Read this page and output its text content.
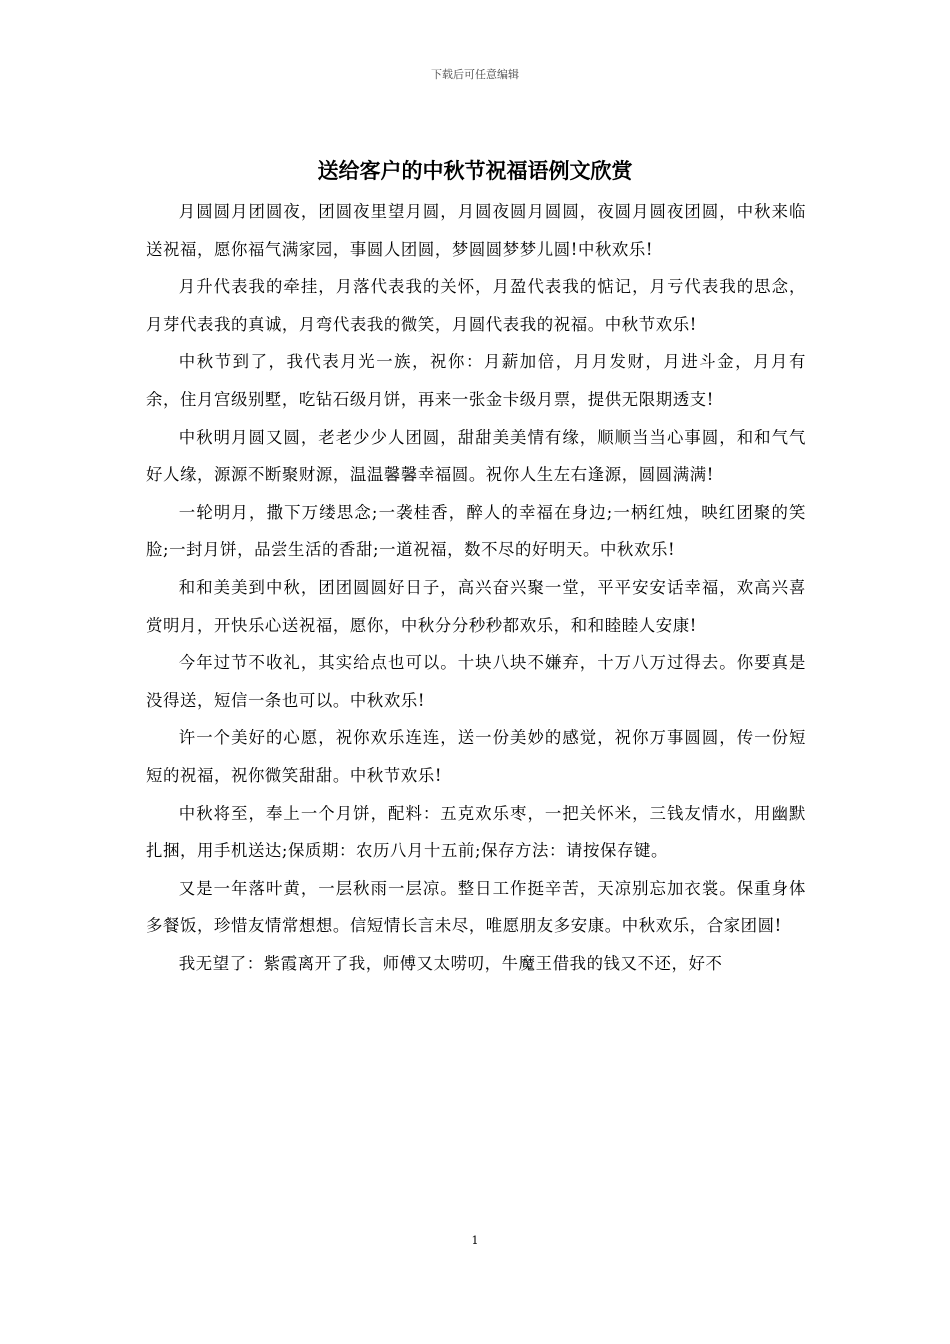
下载后可任意编辑
送给客户的中秋节祝福语例文欣赏

月圆圆月团圆夜，团圆夜里望月圆，月圆夜圆月圆圆，夜圆月圆夜团圆，中秋来临送祝福，愿你福气满家园，事圆人团圆，梦圆圆梦梦儿圆!中秋欢乐!

月升代表我的牵挂，月落代表我的关怀，月盈代表我的惦记，月亏代表我的思念，月芽代表我的真诚，月弯代表我的微笑，月圆代表我的祝福。中秋节欢乐!

中秋节到了，我代表月光一族，祝你：月薪加倍，月月发财，月进斗金，月月有余，住月宫级别墅，吃钻石级月饼，再来一张金卡级月票，提供无限期透支!

中秋明月圆又圆，老老少少人团圆，甜甜美美情有缘，顺顺当当心事圆，和和气气好人缘，源源不断聚财源，温温馨馨幸福圆。祝你人生左右逢源，圆圆满满!

一轮明月，撒下万缕思念;一袭桂香，醉人的幸福在身边;一柄红烛，映红团聚的笑脸;一封月饼，品尝生活的香甜;一道祝福，数不尽的好明天。中秋欢乐!

和和美美到中秋，团团圆圆好日子，高兴奋兴聚一堂，平平安安话幸福，欢高兴喜赏明月，开快乐心送祝福，愿你，中秋分分秒秒都欢乐，和和睦睦人安康!

今年过节不收礼，其实给点也可以。十块八块不嫌弃，十万八万过得去。你要真是没得送，短信一条也可以。中秋欢乐!

许一个美好的心愿，祝你欢乐连连，送一份美妙的感觉，祝你万事圆圆，传一份短短的祝福，祝你微笑甜甜。中秋节欢乐!

中秋将至，奉上一个月饼，配料：五克欢乐枣，一把关怀米，三钱友情水，用幽默扎捆，用手机送达;保质期：农历八月十五前;保存方法：请按保存键。

又是一年落叶黄，一层秋雨一层凉。整日工作挺辛苦，天凉别忘加衣裳。保重身体多餐饭，珍惜友情常想想。信短情长言未尽，唯愿朋友多安康。中秋欢乐，合家团圆!

我无望了：紫霞离开了我，师傅又太唠叨，牛魔王借我的钱又不还，好不

1
